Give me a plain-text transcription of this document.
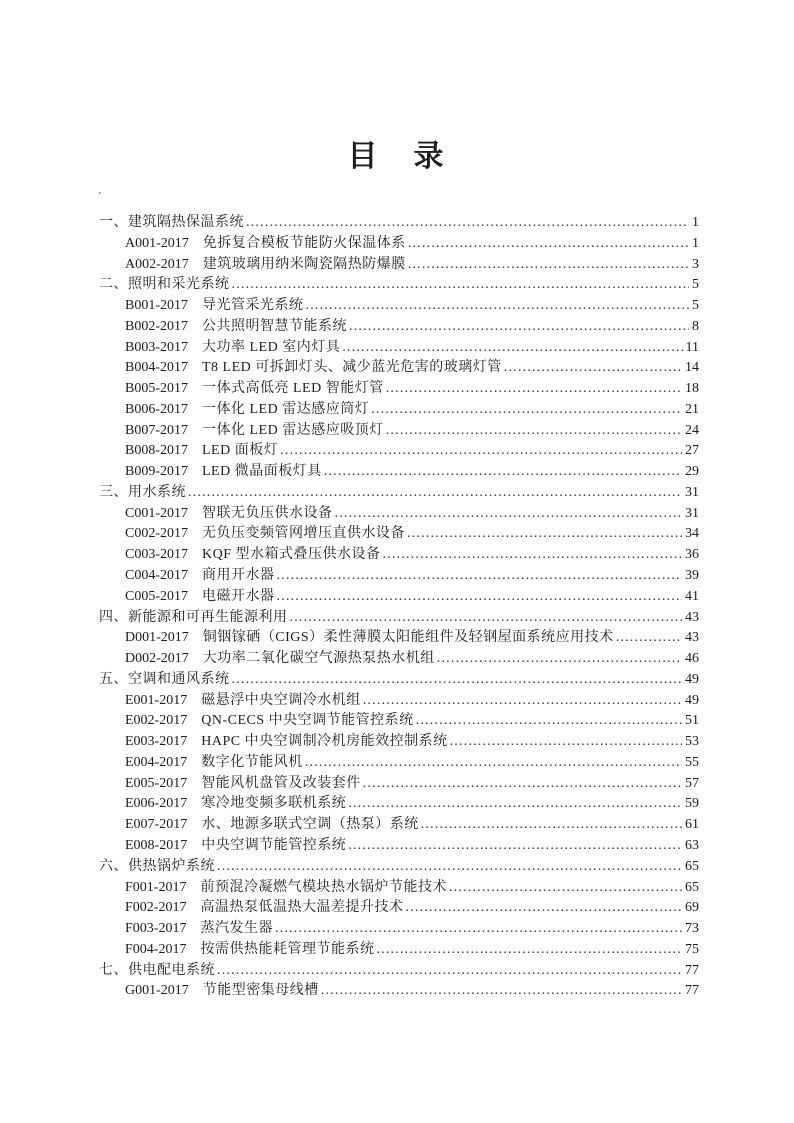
目　录
'
一、建筑隔热保温系统 .....	1
A001-2017 免拆复合模板节能防火保温体系 .....	1
A002-2017 建筑玻璃用纳米陶瓷隔热防爆膜 .....	3
二、照明和采光系统 .....	5
B001-2017 导光管采光系统 .....	5
B002-2017 公共照明智慧节能系统 .....	8
B003-2017 大功率 LED 室内灯具 .....	11
B004-2017 T8 LED 可拆卸灯头、减少蓝光危害的玻璃灯管 .....	14
B005-2017 一体式高低亮 LED 智能灯管 .....	18
B006-2017 一体化 LED 雷达感应筒灯 .....	21
B007-2017 一体化 LED 雷达感应吸顶灯 .....	24
B008-2017 LED 面板灯 .....	27
B009-2017 LED 微晶面板灯具 .....	29
三、用水系统 .....	31
C001-2017 智联无负压供水设备 .....	31
C002-2017 无负压变频管网增压直供水设备 .....	34
C003-2017 KQF 型水箱式叠压供水设备 .....	36
C004-2017 商用开水器 .....	39
C005-2017 电磁开水器 .....	41
四、新能源和可再生能源利用 .....	43
D001-2017 铜铟镓硒（CIGS）柔性薄膜太阳能组件及轻钢屋面系统应用技术 .....	43
D002-2017 大功率二氧化碳空气源热泵热水机组 .....	46
五、空调和通风系统 .....	49
E001-2017 磁悬浮中央空调冷水机组 .....	49
E002-2017 QN-CECS 中央空调节能管控系统 .....	51
E003-2017 HAPC 中央空调制冷机房能效控制系统 .....	53
E004-2017 数字化节能风机 .....	55
E005-2017 智能风机盘管及改装套件 .....	57
E006-2017 寒冷地变频多联机系统 .....	59
E007-2017 水、地源多联式空调（热泵）系统 .....	61
E008-2017 中央空调节能管控系统 .....	63
六、供热锅炉系统 .....	65
F001-2017 前预混冷凝燃气模块热水锅炉节能技术 .....	65
F002-2017 高温热泵低温热大温差提升技术 .....	69
F003-2017 蒸汽发生器 .....	73
F004-2017 按需供热能耗管理节能系统 .....	75
七、供电配电系统 .....	77
G001-2017 节能型密集母线槽 .....	77
